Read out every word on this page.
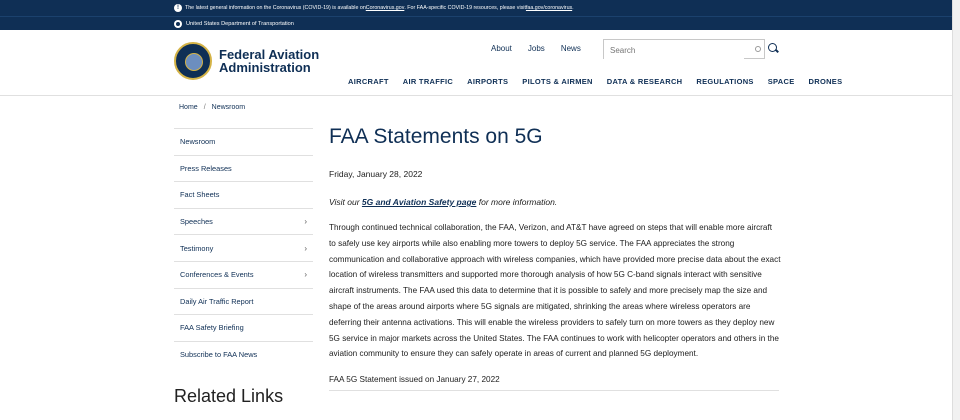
!	The latest general information on the Coronavirus (COVID-19) is available on Coronavirus.gov . For FAA-specific COVID-19 resources, please visit faa.gov/coronavirus .
United States Department of Transportation
Federal Aviation
Administration
About Jobs News
Search
AIRCRAFT AIR TRAFFIC AIRPORTS PILOTS & AIRMEN DATA & RESEARCH REGULATIONS SPACE DRONES
Home / Newsroom
Newsroom
Press Releases
Fact Sheets
Speeches	›
Testimony	›
Conferences & Events	›
Daily Air Traffic Report
FAA Safety Briefing
Subscribe to FAA News
Related Links
FAA Statements on 5G

Friday, January 28, 2022

Visit our 5G and Aviation Safety page for more information.

Through continued technical collaboration, the FAA, Verizon, and AT&T have agreed on steps that will enable more aircraft to safely use key airports while also enabling more towers to deploy 5G service. The FAA appreciates the strong communication and collaborative approach with wireless companies, which have provided more precise data about the exact location of wireless transmitters and supported more thorough analysis of how 5G C-band signals interact with sensitive aircraft instruments. The FAA used this data to determine that it is possible to safely and more precisely map the size and shape of the areas around airports where 5G signals are mitigated, shrinking the areas where wireless operators are deferring their antenna activations. This will enable the wireless providers to safely turn on more towers as they deploy new 5G service in major markets across the United States. The FAA continues to work with helicopter operators and others in the aviation community to ensure they can safely operate in areas of current and planned 5G deployment.

FAA 5G Statement issued on January 27, 2022
